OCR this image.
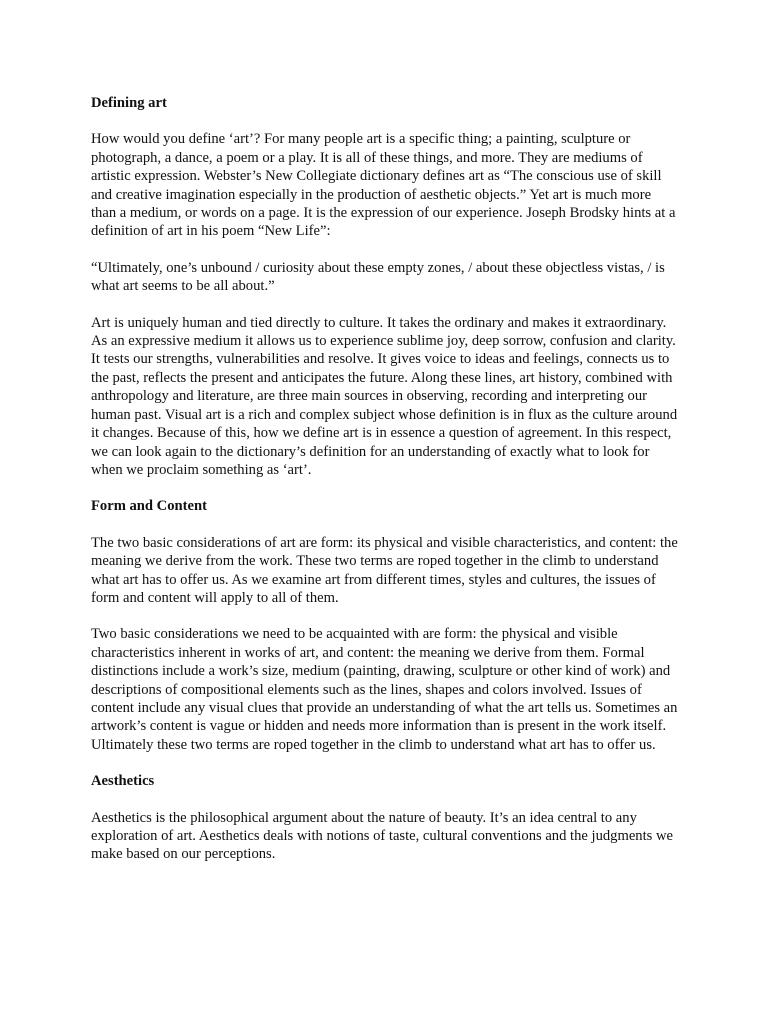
Defining art
How would you define ‘art’? For many people art is a specific thing; a painting, sculpture or photograph, a dance, a poem or a play. It is all of these things, and more. They are mediums of artistic expression. Webster’s New Collegiate dictionary defines art as “The conscious use of skill and creative imagination especially in the production of aesthetic objects.” Yet art is much more than a medium, or words on a page. It is the expression of our experience. Joseph Brodsky hints at a definition of art in his poem “New Life”:
“Ultimately, one’s unbound / curiosity about these empty zones, / about these objectless vistas, / is what art seems to be all about.”
Art is uniquely human and tied directly to culture. It takes the ordinary and makes it extraordinary. As an expressive medium it allows us to experience sublime joy, deep sorrow, confusion and clarity. It tests our strengths, vulnerabilities and resolve. It gives voice to ideas and feelings, connects us to the past, reflects the present and anticipates the future. Along these lines, art history, combined with anthropology and literature, are three main sources in observing, recording and interpreting our human past. Visual art is a rich and complex subject whose definition is in flux as the culture around it changes. Because of this, how we define art is in essence a question of agreement. In this respect, we can look again to the dictionary’s definition for an understanding of exactly what to look for when we proclaim something as ‘art’.
Form and Content
The two basic considerations of art are form: its physical and visible characteristics, and content: the meaning we derive from the work. These two terms are roped together in the climb to understand what art has to offer us. As we examine art from different times, styles and cultures, the issues of form and content will apply to all of them.
Two basic considerations we need to be acquainted with are form: the physical and visible characteristics inherent in works of art, and content: the meaning we derive from them. Formal distinctions include a work’s size, medium (painting, drawing, sculpture or other kind of work) and descriptions of compositional elements such as the lines, shapes and colors involved. Issues of content include any visual clues that provide an understanding of what the art tells us. Sometimes an artwork’s content is vague or hidden and needs more information than is present in the work itself. Ultimately these two terms are roped together in the climb to understand what art has to offer us.
Aesthetics
Aesthetics is the philosophical argument about the nature of beauty. It’s an idea central to any exploration of art. Aesthetics deals with notions of taste, cultural conventions and the judgments we make based on our perceptions.
